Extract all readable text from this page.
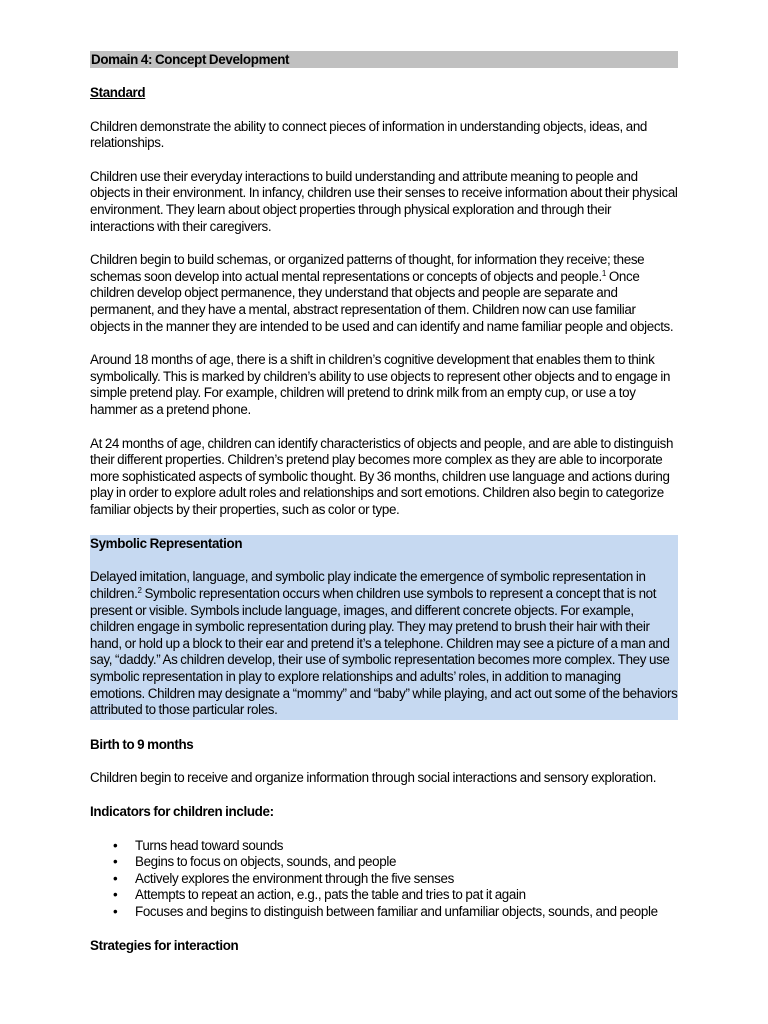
Domain 4: Concept Development
Standard

Children demonstrate the ability to connect pieces of information in understanding objects, ideas, and relationships.

Children use their everyday interactions to build understanding and attribute meaning to people and objects in their environment. In infancy, children use their senses to receive information about their physical environment. They learn about object properties through physical exploration and through their interactions with their caregivers.

Children begin to build schemas, or organized patterns of thought, for information they receive; these schemas soon develop into actual mental representations or concepts of objects and people.$^1$ Once children develop object permanence, they understand that objects and people are separate and permanent, and they have a mental, abstract representation of them. Children now can use familiar objects in the manner they are intended to be used and can identify and name familiar people and objects.

Around 18 months of age, there is a shift in children’s cognitive development that enables them to think symbolically. This is marked by children’s ability to use objects to represent other objects and to engage in simple pretend play. For example, children will pretend to drink milk from an empty cup, or use a toy hammer as a pretend phone.

At 24 months of age, children can identify characteristics of objects and people, and are able to distinguish their different properties. Children’s pretend play becomes more complex as they are able to incorporate more sophisticated aspects of symbolic thought. By 36 months, children use language and actions during play in order to explore adult roles and relationships and sort emotions. Children also begin to categorize familiar objects by their properties, such as color or type.

Symbolic Representation

Delayed imitation, language, and symbolic play indicate the emergence of symbolic representation in children.$^2$ Symbolic representation occurs when children use symbols to represent a concept that is not present or visible. Symbols include language, images, and different concrete objects. For example, children engage in symbolic representation during play. They may pretend to brush their hair with their hand, or hold up a block to their ear and pretend it’s a telephone. Children may see a picture of a man and say, “daddy.” As children develop, their use of symbolic representation becomes more complex. They use symbolic representation in play to explore relationships and adults’ roles, in addition to managing emotions. Children may designate a “mommy” and “baby” while playing, and act out some of the behaviors attributed to those particular roles.

Birth to 9 months

Children begin to receive and organize information through social interactions and sensory exploration.

Indicators for children include:
• Turns head toward sounds
• Begins to focus on objects, sounds, and people
• Actively explores the environment through the five senses
• Attempts to repeat an action, e.g., pats the table and tries to pat it again
• Focuses and begins to distinguish between familiar and unfamiliar objects, sounds, and people
Strategies for interaction
